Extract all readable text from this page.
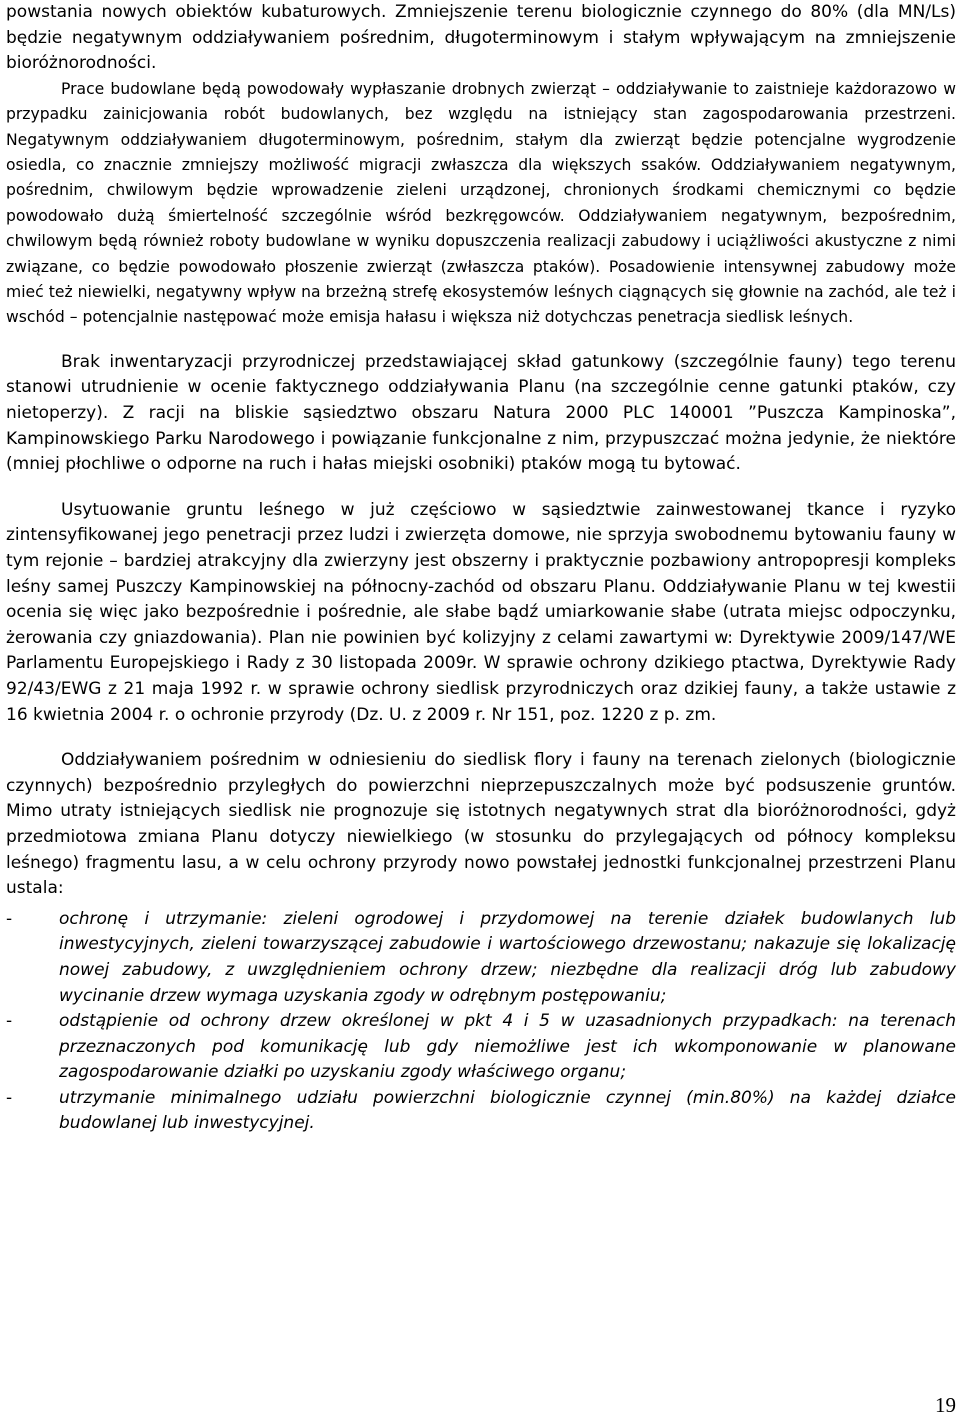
powstania nowych obiektów kubaturowych. Zmniejszenie terenu biologicznie czynnego do 80% (dla MN/Ls) będzie negatywnym oddziaływaniem pośrednim, długoterminowym i stałym wpływającym na zmniejszenie bioróżnorodności.

Prace budowlane będą powodowały wypłaszanie drobnych zwierząt – oddziaływanie to zaistnieje każdorazowo w przypadku zainicjowania robót budowlanych, bez względu na istniejący stan zagospodarowania przestrzeni. Negatywnym oddziaływaniem długoterminowym, pośrednim, stałym dla zwierząt będzie potencjalne wygrodzenie osiedla, co znacznie zmniejszy możliwość migracji zwłaszcza dla większych ssaków. Oddziaływaniem negatywnym, pośrednim, chwilowym będzie wprowadzenie zieleni urządzonej, chronionych środkami chemicznymi co będzie powodowało dużą śmiertelność szczególnie wśród bezkręgowców. Oddziaływaniem negatywnym, bezpośrednim, chwilowym będą również roboty budowlane w wyniku dopuszczenia realizacji zabudowy i uciążliwości akustyczne z nimi związane, co będzie powodowało płoszenie zwierząt (zwłaszcza ptaków). Posadowienie intensywnej zabudowy może mieć też niewielki, negatywny wpływ na brzeżną strefę ekosystemów leśnych ciągnących się głownie na zachód, ale też i wschód – potencjalnie następować może emisja hałasu i większa niż dotychczas penetracja siedlisk leśnych.

Brak inwentaryzacji przyrodniczej przedstawiającej skład gatunkowy (szczególnie fauny) tego terenu stanowi utrudnienie w ocenie faktycznego oddziaływania Planu (na szczególnie cenne gatunki ptaków, czy nietoperzy). Z racji na bliskie sąsiedztwo obszaru Natura 2000 PLC 140001 ”Puszcza Kampinoska”, Kampinowskiego Parku Narodowego i powiązanie funkcjonalne z nim, przypuszczać można jedynie, że niektóre (mniej płochliwe o odporne na ruch i hałas miejski osobniki) ptaków mogą tu bytować.

Usytuowanie gruntu leśnego w już częściowo w sąsiedztwie zainwestowanej tkance i ryzyko zintensyfikowanej jego penetracji przez ludzi i zwierzęta domowe, nie sprzyja swobodnemu bytowaniu fauny w tym rejonie – bardziej atrakcyjny dla zwierzyny jest obszerny i praktycznie pozbawiony antropopresji kompleks leśny samej Puszczy Kampinowskiej na północny-zachód od obszaru Planu. Oddziaływanie Planu w tej kwestii ocenia się więc jako bezpośrednie i pośrednie, ale słabe bądź umiarkowanie słabe (utrata miejsc odpoczynku, żerowania czy gniazdowania). Plan nie powinien być kolizyjny z celami zawartymi w: Dyrektywie 2009/147/WE Parlamentu Europejskiego i Rady z 30 listopada 2009r. W sprawie ochrony dzikiego ptactwa, Dyrektywie Rady 92/43/EWG z 21 maja 1992 r. w sprawie ochrony siedlisk przyrodniczych oraz dzikiej fauny, a także ustawie z 16 kwietnia 2004 r. o ochronie przyrody (Dz. U. z 2009 r. Nr 151, poz. 1220 z p. zm.

Oddziaływaniem pośrednim w odniesieniu do siedlisk flory i fauny na terenach zielonych (biologicznie czynnych) bezpośrednio przyległych do powierzchni nieprzepuszczalnych może być podsuszenie gruntów. Mimo utraty istniejących siedlisk nie prognozuje się istotnych negatywnych strat dla bioróżnorodności, gdyż przedmiotowa zmiana Planu dotyczy niewielkiego (w stosunku do przylegających od północy kompleksu leśnego) fragmentu lasu, a w celu ochrony przyrody nowo powstałej jednostki funkcjonalnej przestrzeni Planu ustala:

-	ochronę i utrzymanie: zieleni ogrodowej i przydomowej na terenie działek budowlanych lub inwestycyjnych, zieleni towarzyszącej zabudowie i wartościowego drzewostanu; nakazuje się lokalizację nowej zabudowy, z uwzględnieniem ochrony drzew; niezbędne dla realizacji dróg lub zabudowy wycinanie drzew wymaga uzyskania zgody w odrębnym postępowaniu;
-	odstąpienie od ochrony drzew określonej w pkt 4 i 5 w uzasadnionych przypadkach: na terenach przeznaczonych pod komunikację lub gdy niemożliwe jest ich wkomponowanie w planowane zagospodarowanie działki po uzyskaniu zgody właściwego organu;
-	utrzymanie minimalnego udziału powierzchni biologicznie czynnej (min.80%) na każdej działce budowlanej lub inwestycyjnej.
19
